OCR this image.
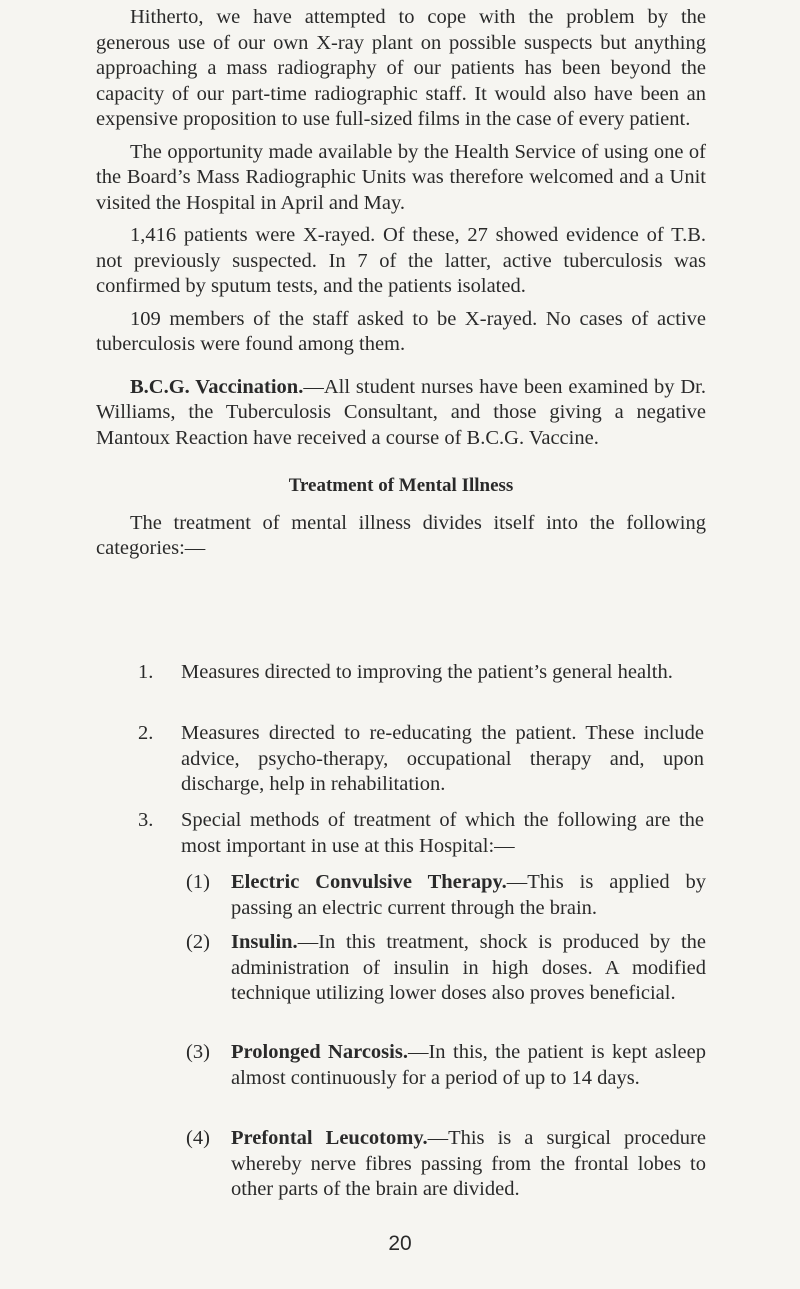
Hitherto, we have attempted to cope with the problem by the generous use of our own X-ray plant on possible suspects but anything approaching a mass radiography of our patients has been beyond the capacity of our part-time radiographic staff. It would also have been an expensive proposition to use full-sized films in the case of every patient.

The opportunity made available by the Health Service of using one of the Board’s Mass Radiographic Units was therefore welcomed and a Unit visited the Hospital in April and May.

1,416 patients were X-rayed. Of these, 27 showed evidence of T.B. not previously suspected. In 7 of the latter, active tuberculosis was confirmed by sputum tests, and the patients isolated.

109 members of the staff asked to be X-rayed. No cases of active tuberculosis were found among them.

B.C.G. Vaccination.—All student nurses have been examined by Dr. Williams, the Tuberculosis Consultant, and those giving a negative Mantoux Reaction have received a course of B.C.G. Vaccine.

Treatment of Mental Illness

The treatment of mental illness divides itself into the following categories:—

1. Measures directed to improving the patient’s general health.

2. Measures directed to re-educating the patient. These include advice, psycho-therapy, occupational therapy and, upon discharge, help in rehabilitation.

3. Special methods of treatment of which the following are the most important in use at this Hospital:—

(1) Electric Convulsive Therapy.—This is applied by passing an electric current through the brain.

(2) Insulin.—In this treatment, shock is produced by the administration of insulin in high doses. A modified technique utilizing lower doses also proves beneficial.

(3) Prolonged Narcosis.—In this, the patient is kept asleep almost continuously for a period of up to 14 days.

(4) Prefontal Leucotomy.—This is a surgical procedure whereby nerve fibres passing from the frontal lobes to other parts of the brain are divided.

20
